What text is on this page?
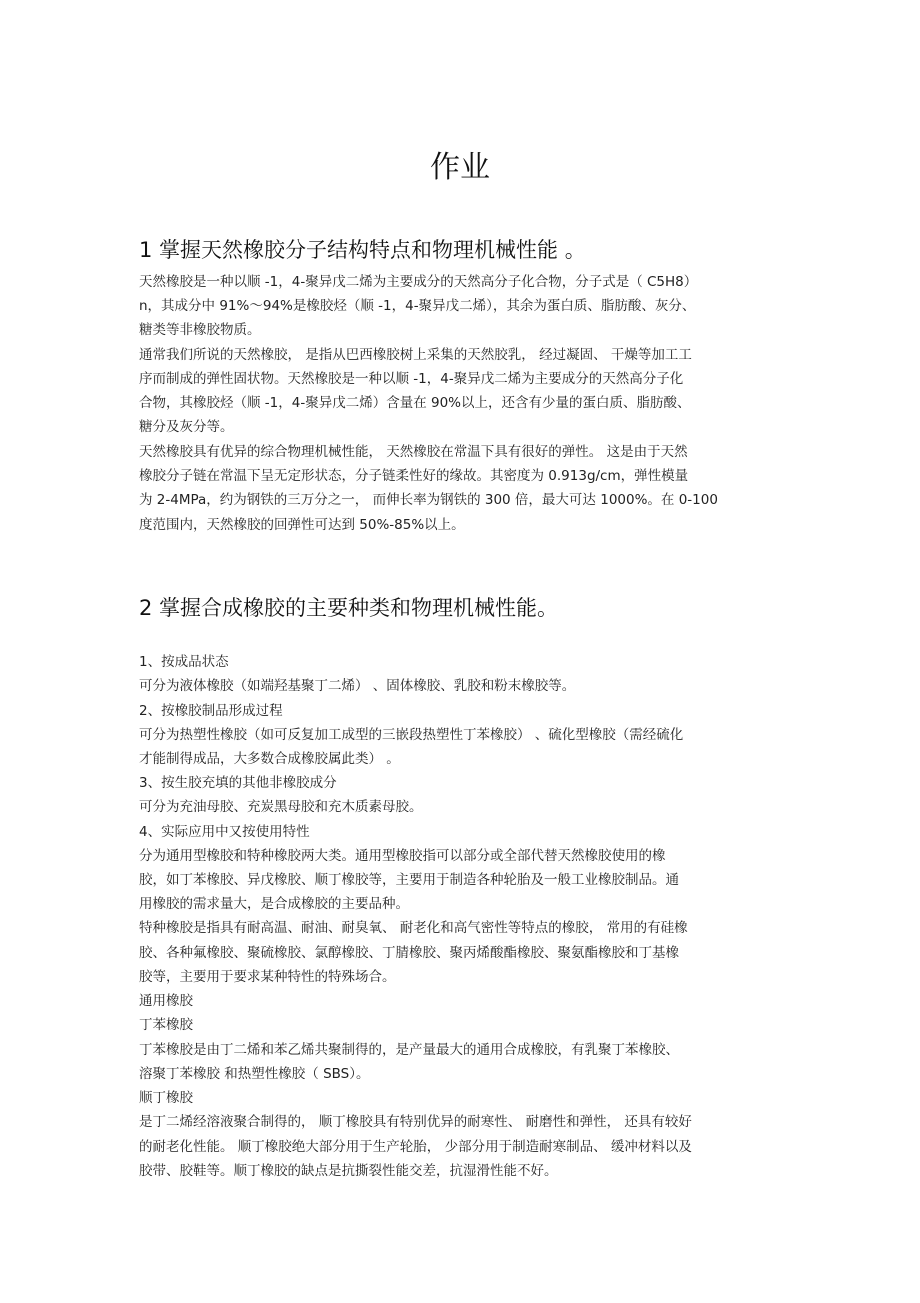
作业
1 掌握天然橡胶分子结构特点和物理机械性能 。
天然橡胶是一种以顺 -1，4-聚异戊二烯为主要成分的天然高分子化合物，分子式是（ C5H8）
n，其成分中 91%～94%是橡胶烃（顺 -1，4-聚异戊二烯），其余为蛋白质、脂肪酸、灰分、
糖类等非橡胶物质。
通常我们所说的天然橡胶， 是指从巴西橡胶树上采集的天然胶乳， 经过凝固、 干燥等加工工
序而制成的弹性固状物。天然橡胶是一种以顺 -1，4-聚异戊二烯为主要成分的天然高分子化
合物，其橡胶烃（顺 -1，4-聚异戊二烯）含量在 90%以上，还含有少量的蛋白质、脂肪酸、
糖分及灰分等。
天然橡胶具有优异的综合物理机械性能， 天然橡胶在常温下具有很好的弹性。 这是由于天然
橡胶分子链在常温下呈无定形状态，分子链柔性好的缘故。其密度为 0.913g/cm，弹性模量
为 2-4MPa，约为钢铁的三万分之一， 而伸长率为钢铁的 300 倍，最大可达 1000%。在 0-100
度范围内，天然橡胶的回弹性可达到 50%-85%以上。
2 掌握合成橡胶的主要种类和物理机械性能。
1、按成品状态
可分为液体橡胶（如端羟基聚丁二烯） 、固体橡胶、乳胶和粉末橡胶等。
2、按橡胶制品形成过程
可分为热塑性橡胶（如可反复加工成型的三嵌段热塑性丁苯橡胶） 、硫化型橡胶（需经硫化
才能制得成品，大多数合成橡胶属此类） 。
3、按生胶充填的其他非橡胶成分
可分为充油母胶、充炭黑母胶和充木质素母胶。
4、实际应用中又按使用特性
分为通用型橡胶和特种橡胶两大类。通用型橡胶指可以部分或全部代替天然橡胶使用的橡
胶，如丁苯橡胶、异戊橡胶、顺丁橡胶等，主要用于制造各种轮胎及一般工业橡胶制品。通
用橡胶的需求量大，是合成橡胶的主要品种。
特种橡胶是指具有耐高温、耐油、耐臭氧、 耐老化和高气密性等特点的橡胶， 常用的有硅橡
胶、各种氟橡胶、聚硫橡胶、氯醇橡胶、丁腈橡胶、聚丙烯酸酯橡胶、聚氨酯橡胶和丁基橡
胶等，主要用于要求某种特性的特殊场合。
通用橡胶
丁苯橡胶
丁苯橡胶是由丁二烯和苯乙烯共聚制得的，是产量最大的通用合成橡胶，有乳聚丁苯橡胶、
溶聚丁苯橡胶 和热塑性橡胶（ SBS）。
顺丁橡胶
是丁二烯经溶液聚合制得的， 顺丁橡胶具有特别优异的耐寒性、 耐磨性和弹性， 还具有较好
的耐老化性能。 顺丁橡胶绝大部分用于生产轮胎， 少部分用于制造耐寒制品、 缓冲材料以及
胶带、胶鞋等。顺丁橡胶的缺点是抗撕裂性能交差，抗湿滑性能不好。
